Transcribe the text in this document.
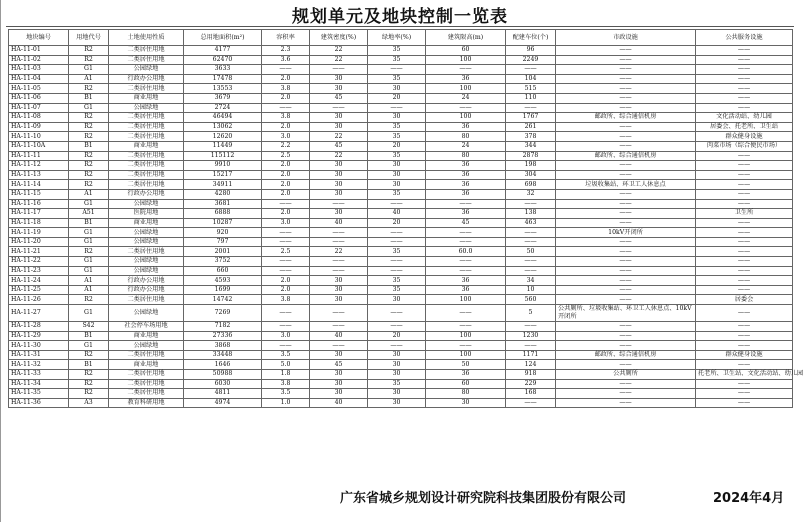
规划单元及地块控制一览表
地块编号	用地代号	土地使用性质	总用地面积(m²)	容积率	建筑密度(%)	绿地率(%)	建筑限高(m)	配建车位(个)	市政设施	公共服务设施
HA-11-01	R2	二类居住用地	4177	2.3	22	35	60	96	——	——
HA-11-02	R2	二类居住用地	62470	3.6	22	35	100	2249	——	——
HA-11-03	G1	公园绿地	3633	——	——	——	——	——	——	——
HA-11-04	A1	行政办公用地	17478	2.0	30	35	36	104	——	——
HA-11-05	R2	二类居住用地	13553	3.8	30	30	100	515	——	——
HA-11-06	B1	商业用地	3679	2.0	45	20	24	110	——	——
HA-11-07	G1	公园绿地	2724	——	——	——	——	——	——	——
HA-11-08	R2	二类居住用地	46494	3.8	30	30	100	1767	邮政所、综合通信机房	文化活动站、幼儿园
HA-11-09	R2	二类居住用地	13062	2.0	30	35	36	261	——	居委会、托老所、卫生站
HA-11-10	R2	二类居住用地	12620	3.0	22	35	80	378	——	群众健身设施
HA-11-10A	B1	商业用地	11449	2.2	45	20	24	344	——	肉菜市场（综合便民市场）
HA-11-11	R2	二类居住用地	115112	2.5	22	35	80	2878	邮政所、综合通信机房	——
HA-11-12	R2	二类居住用地	9910	2.0	30	30	36	198	——	——
HA-11-13	R2	二类居住用地	15217	2.0	30	30	36	304	——	——
HA-11-14	R2	二类居住用地	34911	2.0	30	30	36	698	垃圾收集站、环卫工人休息点	——
HA-11-15	A1	行政办公用地	4280	2.0	30	35	36	32	——	——
HA-11-16	G1	公园绿地	3681	——	——	——	——	——	——	——
HA-11-17	A51	医院用地	6888	2.0	30	40	36	138	——	卫生所
HA-11-18	B1	商业用地	10287	3.0	40	20	45	463	——	——
HA-11-19	G1	公园绿地	920	——	——	——	——	——	10kV开闭所	——
HA-11-20	G1	公园绿地	797	——	——	——	——	——	——	——
HA-11-21	R2	二类居住用地	2001	2.5	22	35	60.0	50	——	——
HA-11-22	G1	公园绿地	3752	——	——	——	——	——	——	——
HA-11-23	G1	公园绿地	660	——	——	——	——	——	——	——
HA-11-24	A1	行政办公用地	4593	2.0	30	35	36	34	——	——
HA-11-25	A1	行政办公用地	1699	2.0	30	35	36	10	——	——
HA-11-26	R2	二类居住用地	14742	3.8	30	30	100	560	——	居委会
HA-11-27	G1	公园绿地	7269	——	——	——	——	5	公共厕所、垃圾收集站、环卫工人休息点、10kV开闭所	——
HA-11-28	S42	社会停车场用地	7182	——	——	——	——	——	——	——
HA-11-29	B1	商业用地	27336	3.0	40	20	100	1230	——	——
HA-11-30	G1	公园绿地	3868	——	——	——	——	——	——	——
HA-11-31	R2	二类居住用地	33448	3.5	30	30	100	1171	邮政所、综合通信机房	群众健身设施
HA-11-32	B1	商业用地	1646	5.0	45	30	50	124	——	——
HA-11-33	R2	二类居住用地	50988	1.8	30	30	36	918	公共厕所	托老所、卫生站、文化活动站、幼儿园
HA-11-34	R2	二类居住用地	6030	3.8	30	35	60	229	——	——
HA-11-35	R2	二类居住用地	4811	3.5	30	30	80	168	——	——
HA-11-36	A3	教育科研用地	4974	1.0	40	30	30	——	——	——
广东省城乡规划设计研究院科技集团股份有限公司	2024年4月
